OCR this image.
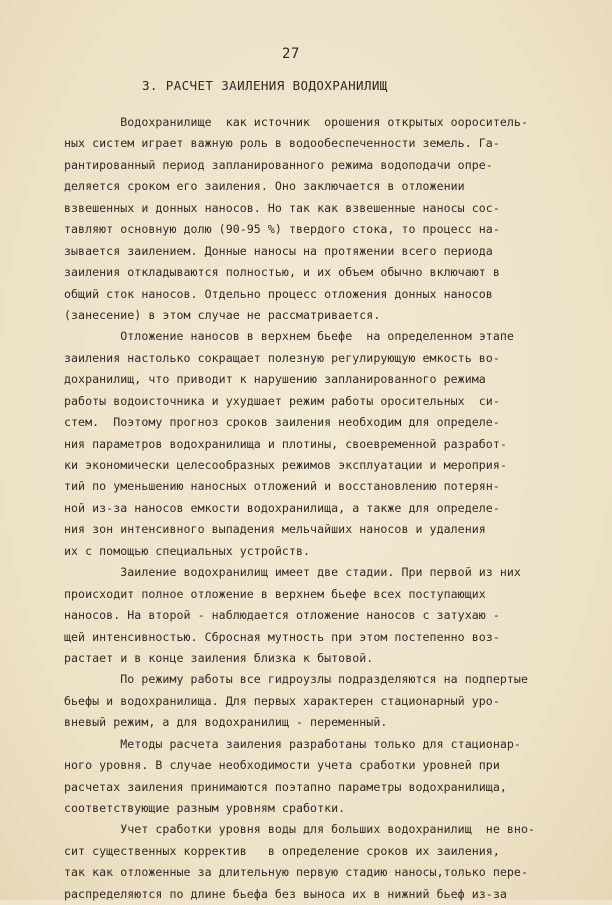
27
3. РАСЧЕТ ЗАИЛЕНИЯ ВОДОХРАНИЛИЩ
Водохранилище  как источник  орошения открытых оороситель-
ных систем играет важную роль в водообеспеченности земель. Га-
рантированный период запланированного режима водоподачи опре-
деляется сроком его заиления. Оно заключается в отложении
взвешенных и донных наносов. Но так как взвешенные наносы сос-
тавляют основную долю (90-95 %) твердого стока, то процесс на-
зывается заилением. Донные наносы на протяжении всего периода
заиления откладываются полностью, и их объем обычно включают в
общий сток наносов. Отдельно процесс отложения донных наносов
(занесение) в этом случае не рассматривается.
Отложение наносов в верхнем бьефе  на определенном этапе
заиления настолько сокращает полезную регулирующую емкость во-
дохранилищ, что приводит к нарушению запланированного режима
работы водоисточника и ухудшает режим работы оросительных  си-
стем.  Поэтому прогноз сроков заиления необходим для определе-
ния параметров водохранилища и плотины, своевременной разработ-
ки экономически целесообразных режимов эксплуатации и мероприя-
тий по уменьшению наносных отложений и восстановлению потерян-
ной из-за наносов емкости водохранилища, а также для определе-
ния зон интенсивного выпадения мельчайших наносов и удаления
их с помощью специальных устройств.
Заиление водохранилищ имеет две стадии. При первой из них
происходит полное отложение в верхнем бьефе всех поступающих
наносов. На второй - наблюдается отложение наносов с затухаю -
щей интенсивностью. Сбросная мутность при этом постепенно воз-
растает и в конце заиления близка к бытовой.
По режиму работы все гидроузлы подразделяются на подпертые
бьефы и водохранилища. Для первых характерен стационарный уро-
вневый режим, а для водохранилищ - переменный.
Методы расчета заиления разработаны только для стационар-
ного уровня. В случае необходимости учета сработки уровней при
расчетах заиления принимаются поэтапно параметры водохранилища,
соответствующие разным уровням сработки.
Учет сработки уровня воды для больших водохранилищ  не вно-
сит существенных корректив   в определение сроков их заиления,
так как отложенные за длительную первую стадию наносы,только пере-
распределяются по длине бьефа без выноса их в нижний бьеф из-за
